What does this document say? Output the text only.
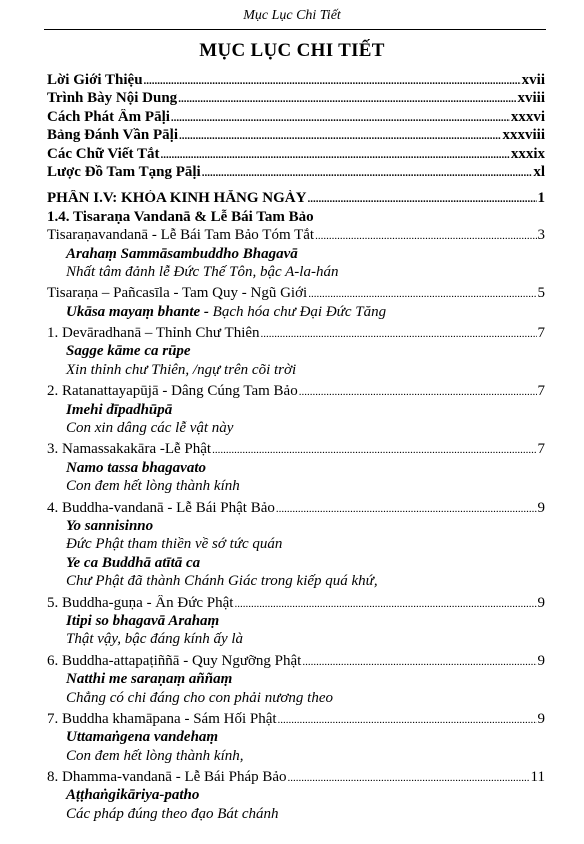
Mục Lục Chi Tiết
MỤC LỤC CHI TIẾT
Lời Giới Thiệu .....	xvii
Trình Bày Nội Dung .....	xviii
Cách Phát Âm Pāḷi .....	xxxvi
Bảng Đánh Vần Pāḷi .....	xxxviii
Các Chữ Viết Tắt .....	xxxix
Lược Đồ Tam Tạng Pāḷi .....	xl
PHẦN I.V: KHÓA KINH HẰNG NGÀY .....	1
1.4. Tisaraṇa Vandanā & Lễ Bái Tam Bảo
Tisaraṇavandanā - Lễ Bái Tam Bảo Tóm Tắt .....	3
Arahaṃ Sammāsambuddho Bhagavā
Nhất tâm đảnh lễ Đức Thế Tôn, bậc A-la-hán
Tisaraṇa – Pañcasīla - Tam Quy - Ngũ Giới .....	5
Ukāsa mayaṃ bhante - Bạch hóa chư Đại Đức Tăng
1. Devāradhanā – Thỉnh Chư Thiên .....	7
Sagge kāme ca rūpe
Xin thỉnh chư Thiên, /ngự trên cõi trời
2. Ratanattayapūjā - Dâng Cúng Tam Bảo .....	7
Imehi dīpadhūpā
Con xin dâng các lễ vật này
3. Namassakakāra -Lễ Phật .....	7
Namo tassa bhagavato
Con đem hết lòng thành kính
4. Buddha-vandanā - Lễ Bái Phật Bảo .....	9
Yo sannisinno
Đức Phật tham thiền về sớ tức quán
Ye ca Buddhā atītā ca
Chư Phật đã thành Chánh Giác trong kiếp quá khứ,
5. Buddha-guṇa - Ân Đức Phật .....	9
Itipi so bhagavā Arahaṃ
Thật vậy, bậc đáng kính ấy là
6. Buddha-attapaṭiññā - Quy Ngưỡng Phật .....	9
Natthi me saraṇaṃ aññaṃ
Chẳng có chi đáng cho con phải nương theo
7. Buddha khamāpana - Sám Hối Phật .....	9
Uttamaṅgena vandehaṃ
Con đem hết lòng thành kính,
8. Dhamma-vandanā - Lễ Bái Pháp Bảo .....	11
Aṭṭhaṅgikāriya-patho
Các pháp đúng theo đạo Bát chánh
